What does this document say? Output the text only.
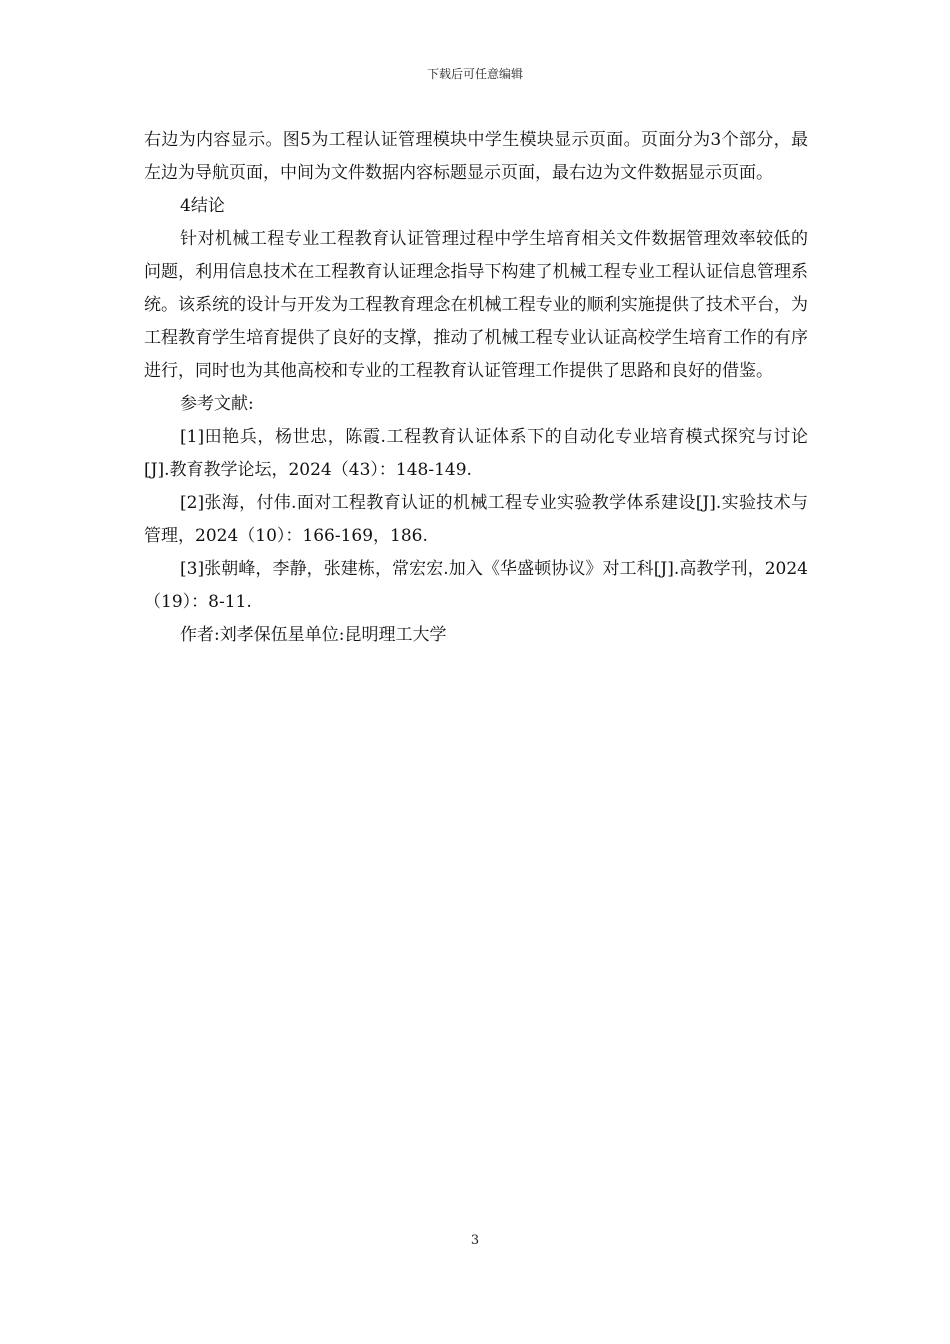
下载后可任意编辑

右边为内容显示。图5为工程认证管理模块中学生模块显示页面。页面分为3个部分，最左边为导航页面，中间为文件数据内容标题显示页面，最右边为文件数据显示页面。

4结论

针对机械工程专业工程教育认证管理过程中学生培育相关文件数据管理效率较低的问题，利用信息技术在工程教育认证理念指导下构建了机械工程专业工程认证信息管理系统。该系统的设计与开发为工程教育理念在机械工程专业的顺利实施提供了技术平台，为工程教育学生培育提供了良好的支撑，推动了机械工程专业认证高校学生培育工作的有序进行，同时也为其他高校和专业的工程教育认证管理工作提供了思路和良好的借鉴。

参考文献:

[1]田艳兵，杨世忠，陈霞.工程教育认证体系下的自动化专业培育模式探究与讨论[J].教育教学论坛，2024（43）：148-149.

[2]张海，付伟.面对工程教育认证的机械工程专业实验教学体系建设[J].实验技术与管理，2024（10）：166-169，186.

[3]张朝峰，李静，张建栋，常宏宏.加入《华盛顿协议》对工科[J].高教学刊，2024（19）：8-11.

作者:刘孝保伍星单位:昆明理工大学

3
